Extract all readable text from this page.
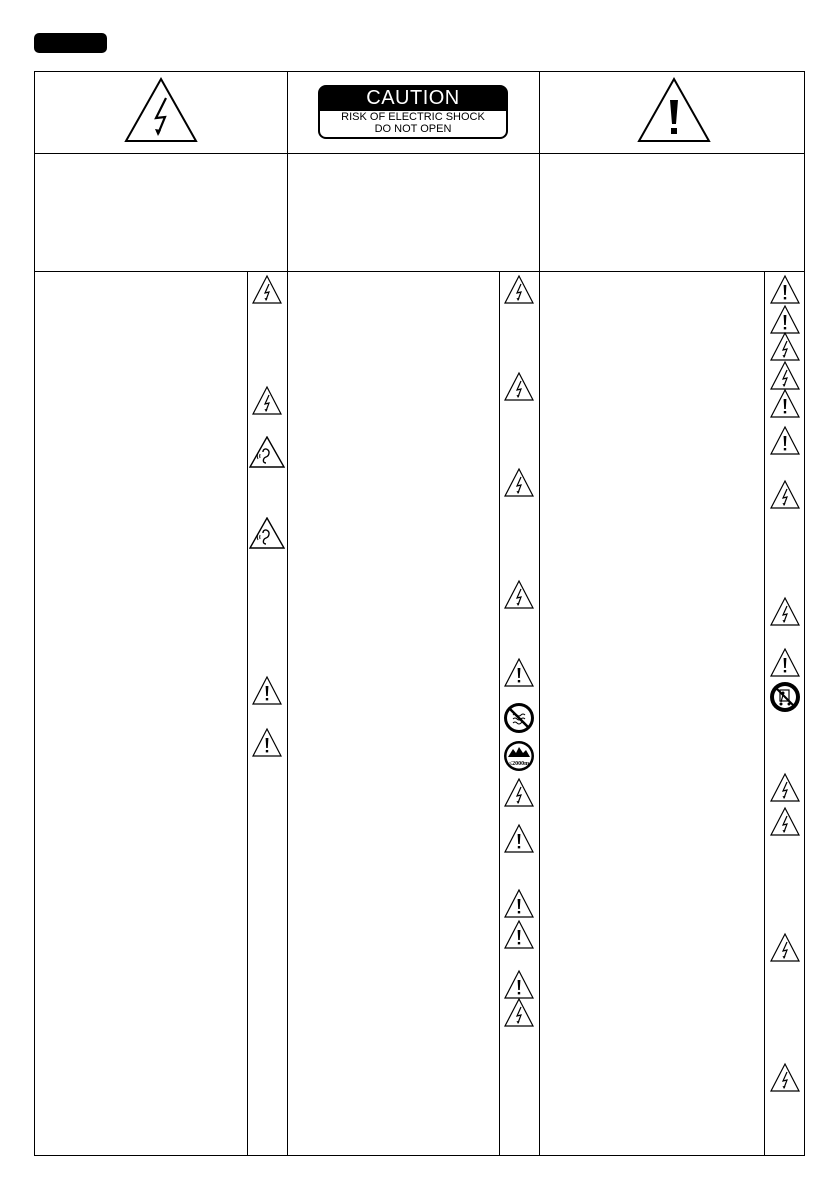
CAUTION
RISK OF ELECTRIC SHOCK
DO NOT OPEN
≤2000m
